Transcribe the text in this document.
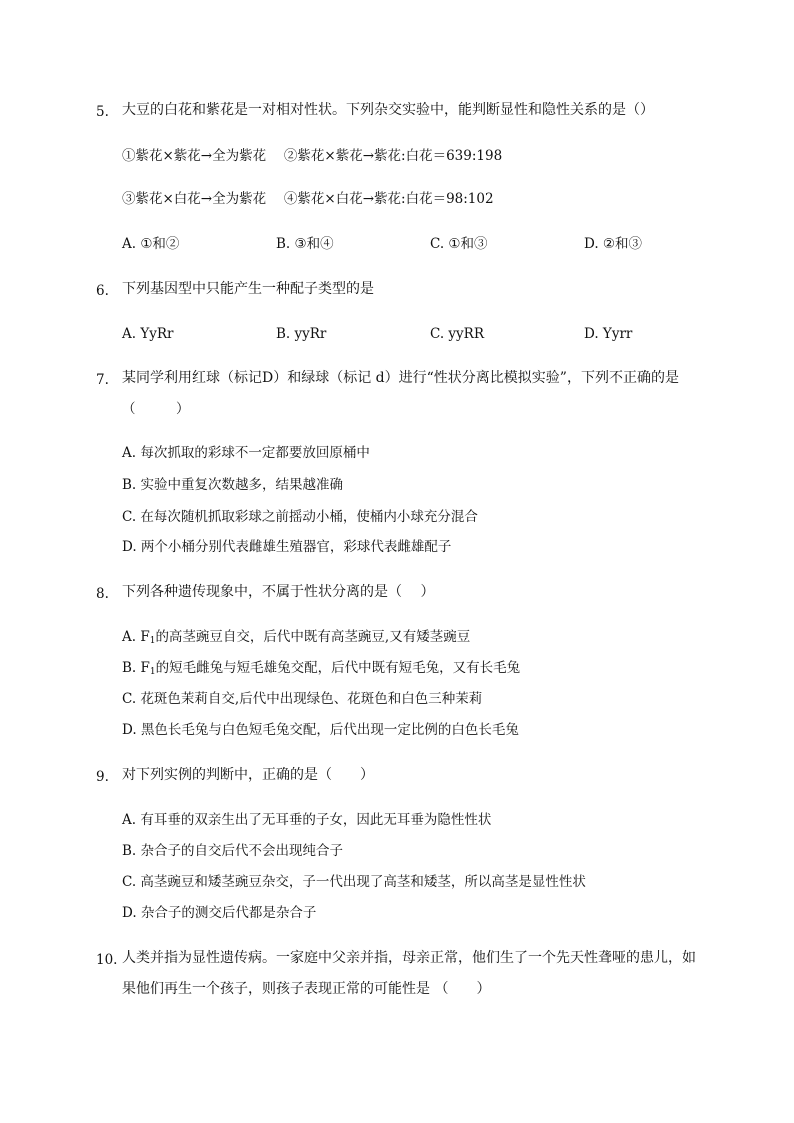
5. 大豆的白花和紫花是一对相对性状。下列杂交实验中，能判断显性和隐性关系的是（）
①紫花×紫花→全为紫花　 ②紫花×紫花→紫花:白花＝639:198
③紫花×白花→全为紫花　 ④紫花×白花→紫花:白花＝98:102
A. ①和②	B. ③和④	C. ①和③	D. ②和③
6. 下列基因型中只能产生一种配子类型的是
A. YyRr	B. yyRr	C. yyRR	D. Yyrr
7. 某同学利用红球（标记D）和绿球（标记 d）进行“性状分离比模拟实验”，下列不正确的是
（　　　）
A. 每次抓取的彩球不一定都要放回原桶中
B. 实验中重复次数越多，结果越准确
C. 在每次随机抓取彩球之前摇动小桶，使桶内小球充分混合
D. 两个小桶分别代表雌雄生殖器官，彩球代表雌雄配子
8. 下列各种遗传现象中，不属于性状分离的是（　 ）
A. $F_1$的高茎豌豆自交，后代中既有高茎豌豆,又有矮茎豌豆
B. $F_1$的短毛雌兔与短毛雄兔交配，后代中既有短毛兔，又有长毛兔
C. 花斑色茉莉自交,后代中出现绿色、花斑色和白色三种茉莉
D. 黑色长毛兔与白色短毛兔交配，后代出现一定比例的白色长毛兔
9. 对下列实例的判断中，正确的是（　　）
A. 有耳垂的双亲生出了无耳垂的子女，因此无耳垂为隐性性状
B. 杂合子的自交后代不会出现纯合子
C. 高茎豌豆和矮茎豌豆杂交，子一代出现了高茎和矮茎，所以高茎是显性性状
D. 杂合子的测交后代都是杂合子
10. 人类并指为显性遗传病。一家庭中父亲并指，母亲正常，他们生了一个先天性聋哑的患儿，如
果他们再生一个孩子，则孩子表现正常的可能性是 （　　）
